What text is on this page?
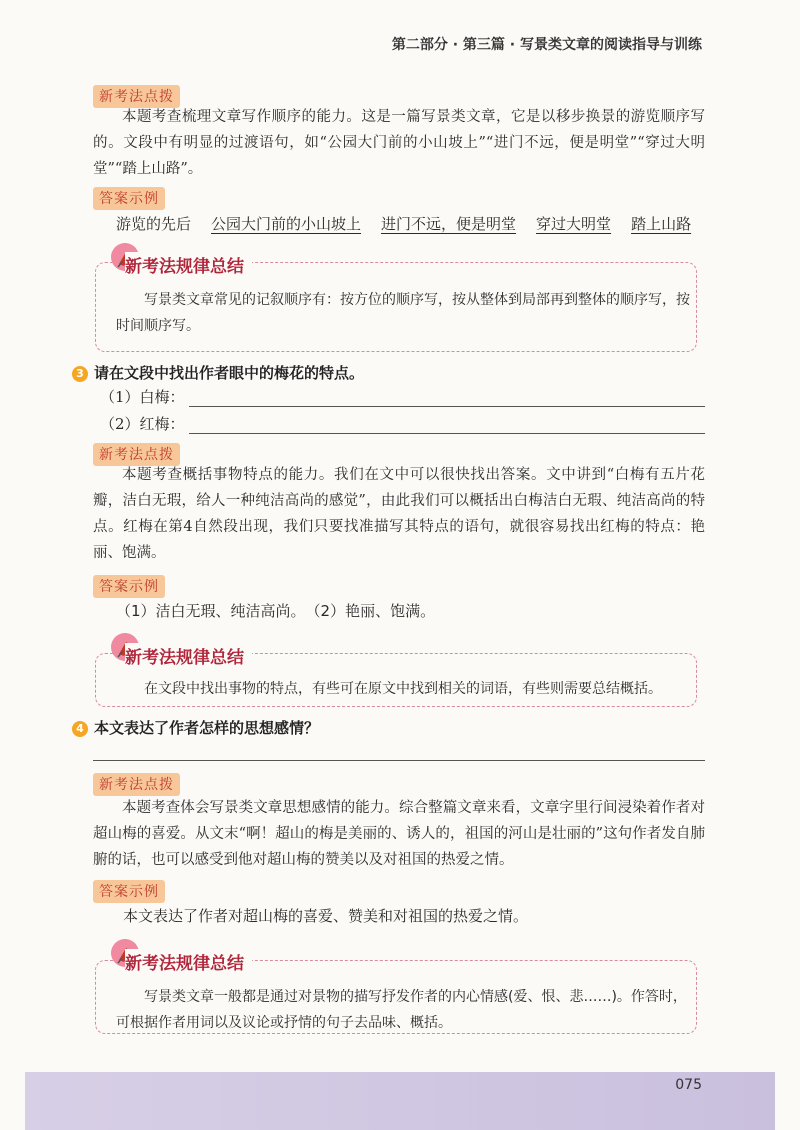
第二部分 · 第三篇 · 写景类文章的阅读指导与训练
新考法点拨
本题考查梳理文章写作顺序的能力。这是一篇写景类文章，它是以移步换景的游览顺序写的。文段中有明显的过渡语句，如“公园大门前的小山坡上”“进门不远，便是明堂”“穿过大明堂”“踏上山路”。
答案示例
游览的先后 公园大门前的小山坡上 进门不远，便是明堂 穿过大明堂 踏上山路
新考法规律总结
写景类文章常见的记叙顺序有：按方位的顺序写，按从整体到局部再到整体的顺序写，按时间顺序写。
3 请在文段中找出作者眼中的梅花的特点。
（1）白梅：
（2）红梅：
新考法点拨
本题考查概括事物特点的能力。我们在文中可以很快找出答案。文中讲到“白梅有五片花瓣，洁白无瑕，给人一种纯洁高尚的感觉”，由此我们可以概括出白梅洁白无瑕、纯洁高尚的特点。红梅在第4自然段出现，我们只要找准描写其特点的语句，就很容易找出红梅的特点：艳丽、饱满。
答案示例
（1）洁白无瑕、纯洁高尚。　（2）艳丽、饱满。
新考法规律总结
在文段中找出事物的特点，有些可在原文中找到相关的词语，有些则需要总结概括。
4 本文表达了作者怎样的思想感情？
新考法点拨
本题考查体会写景类文章思想感情的能力。综合整篇文章来看，文章字里行间浸染着作者对超山梅的喜爱。从文末“啊！超山的梅是美丽的、诱人的，祖国的河山是壮丽的”这句作者发自肺腑的话，也可以感受到他对超山梅的赞美以及对祖国的热爱之情。
答案示例
本文表达了作者对超山梅的喜爱、赞美和对祖国的热爱之情。
新考法规律总结
写景类文章一般都是通过对景物的描写抒发作者的内心情感(爱、恨、悲……)。作答时，可根据作者用词以及议论或抒情的句子去品味、概括。
075
